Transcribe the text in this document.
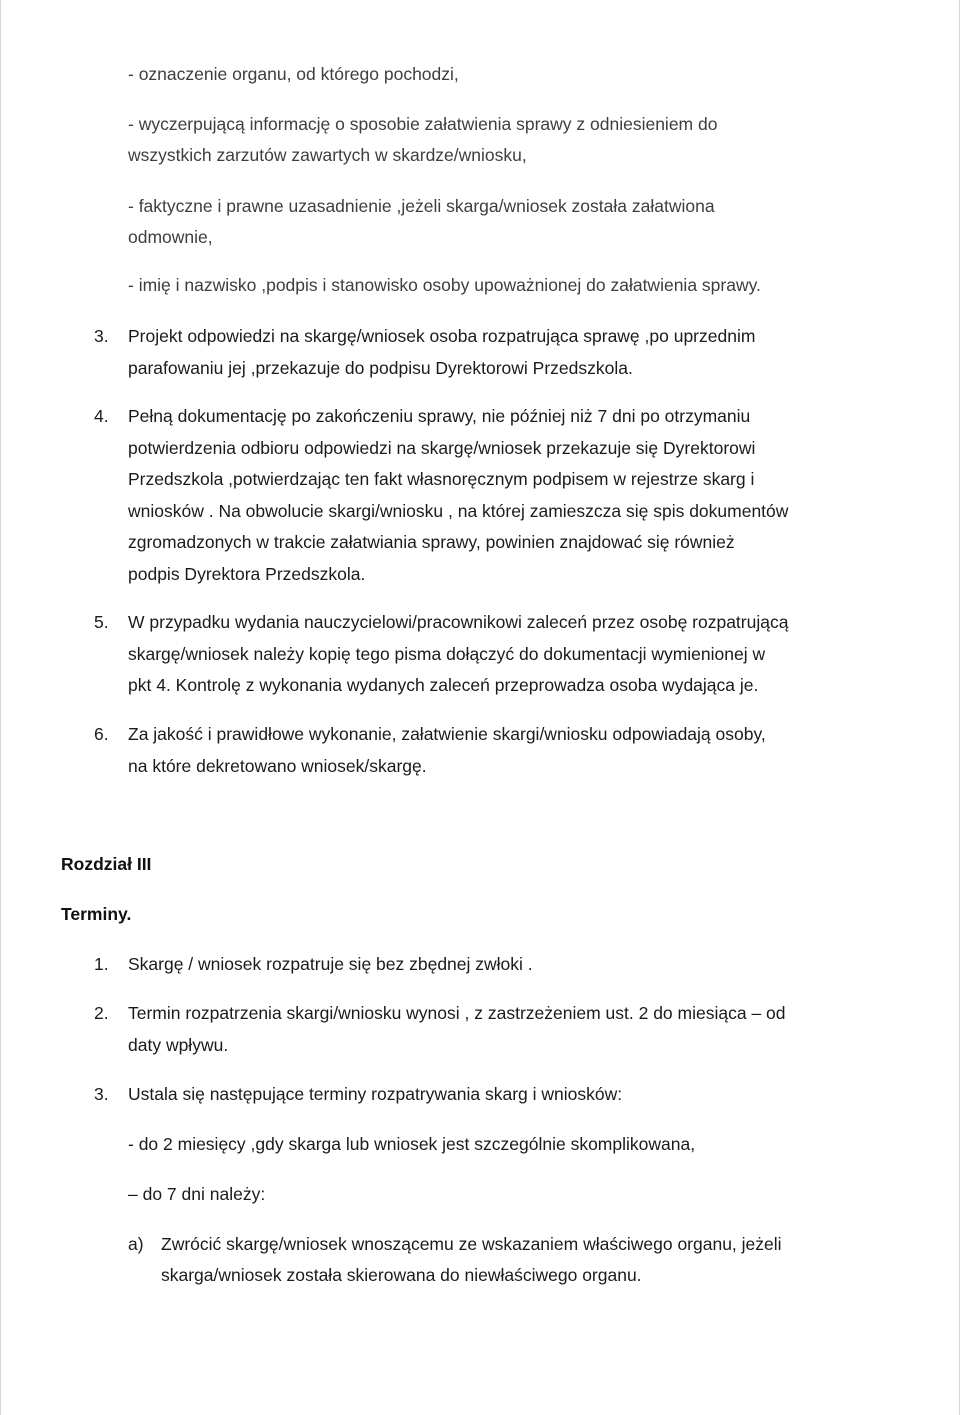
- oznaczenie organu, od którego pochodzi,
- wyczerpującą informację o sposobie załatwienia sprawy z odniesieniem do
wszystkich zarzutów zawartych w skardze/wniosku,
- faktyczne i prawne uzasadnienie ,jeżeli skarga/wniosek została załatwiona
odmownie,
- imię i nazwisko ,podpis i stanowisko osoby upoważnionej do załatwienia sprawy.
3. Projekt odpowiedzi na skargę/wniosek osoba rozpatrująca sprawę ,po uprzednim
parafowaniu jej ,przekazuje do podpisu Dyrektorowi Przedszkola.
4. Pełną dokumentację po zakończeniu sprawy, nie później niż 7 dni po otrzymaniu
potwierdzenia odbioru odpowiedzi na skargę/wniosek przekazuje się Dyrektorowi
Przedszkola ,potwierdzając ten fakt własnoręcznym podpisem w rejestrze skarg i
wniosków . Na obwolucie skargi/wniosku , na której zamieszcza się spis dokumentów
zgromadzonych w trakcie załatwiania sprawy, powinien znajdować się również
podpis Dyrektora Przedszkola.
5. W przypadku wydania nauczycielowi/pracownikowi zaleceń przez osobę rozpatrującą
skargę/wniosek należy kopię tego pisma dołączyć do dokumentacji wymienionej w
pkt 4. Kontrolę z wykonania wydanych zaleceń przeprowadza osoba wydająca je.
6. Za jakość i prawidłowe wykonanie, załatwienie skargi/wniosku odpowiadają osoby,
na które dekretowano wniosek/skargę.
Rozdział III
Terminy.
1. Skargę / wniosek rozpatruje się bez zbędnej zwłoki .
2. Termin rozpatrzenia skargi/wniosku wynosi , z zastrzeżeniem ust. 2 do miesiąca – od
daty wpływu.
3. Ustala się następujące terminy rozpatrywania skarg i wniosków:
- do 2 miesięcy ,gdy skarga lub wniosek jest szczególnie skomplikowana,
– do 7 dni należy:
a) Zwrócić skargę/wniosek wnoszącemu ze wskazaniem właściwego organu, jeżeli
skarga/wniosek została skierowana do niewłaściwego organu.
